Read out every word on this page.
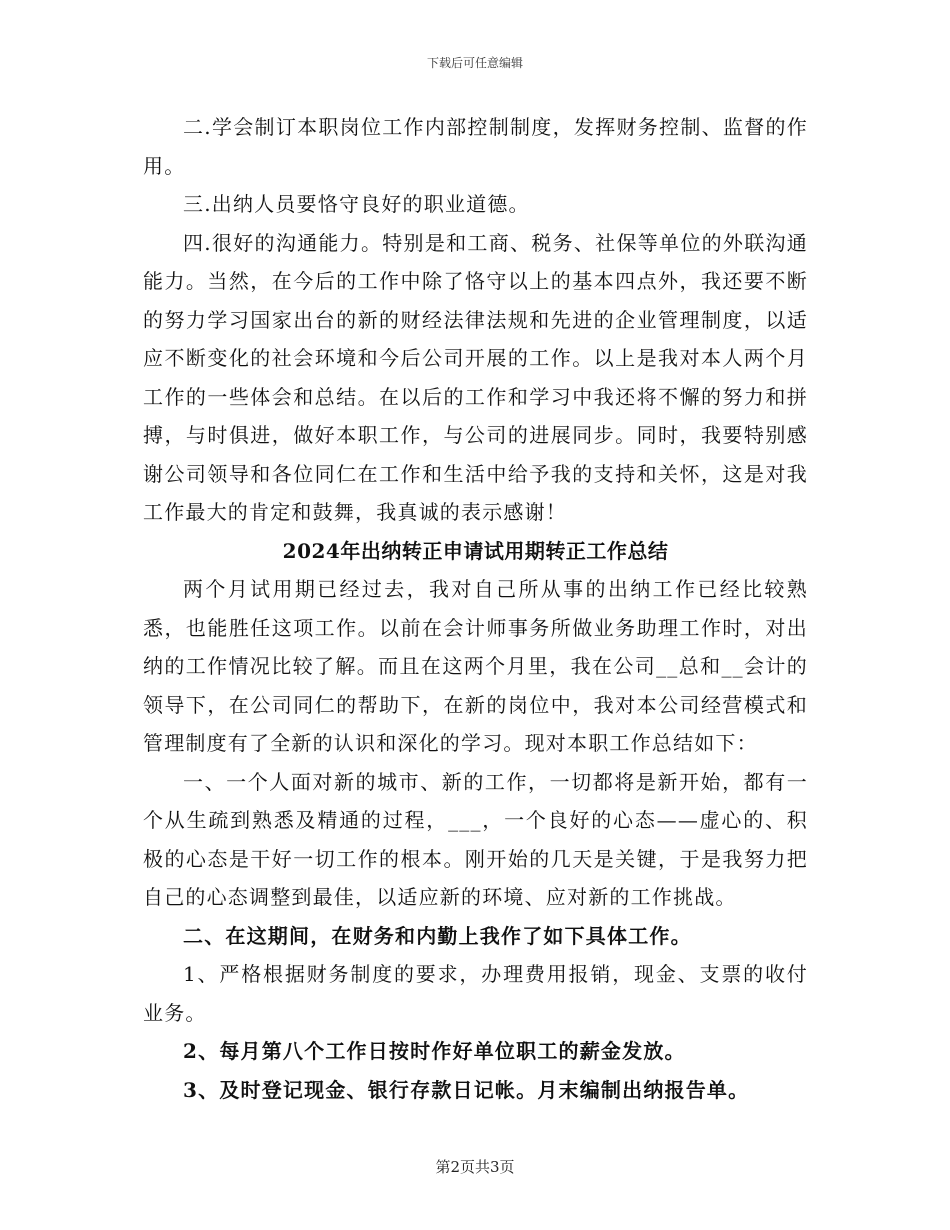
下载后可任意编辑

二.学会制订本职岗位工作内部控制制度，发挥财务控制、监督的作用。

三.出纳人员要恪守良好的职业道德。

四.很好的沟通能力。特别是和工商、税务、社保等单位的外联沟通能力。当然，在今后的工作中除了恪守以上的基本四点外，我还要不断的努力学习国家出台的新的财经法律法规和先进的企业管理制度，以适应不断变化的社会环境和今后公司开展的工作。以上是我对本人两个月工作的一些体会和总结。在以后的工作和学习中我还将不懈的努力和拼搏，与时俱进，做好本职工作，与公司的进展同步。同时，我要特别感谢公司领导和各位同仁在工作和生活中给予我的支持和关怀，这是对我工作最大的肯定和鼓舞，我真诚的表示感谢！

2024年出纳转正申请试用期转正工作总结

两个月试用期已经过去，我对自己所从事的出纳工作已经比较熟悉，也能胜任这项工作。以前在会计师事务所做业务助理工作时，对出纳的工作情况比较了解。而且在这两个月里，我在公司__总和__会计的领导下，在公司同仁的帮助下，在新的岗位中，我对本公司经营模式和管理制度有了全新的认识和深化的学习。现对本职工作总结如下：

一、一个人面对新的城市、新的工作，一切都将是新开始，都有一个从生疏到熟悉及精通的过程，___，一个良好的心态——虚心的、积极的心态是干好一切工作的根本。刚开始的几天是关键，于是我努力把自己的心态调整到最佳，以适应新的环境、应对新的工作挑战。

二、在这期间，在财务和内勤上我作了如下具体工作。

1、严格根据财务制度的要求，办理费用报销，现金、支票的收付业务。

2、每月第八个工作日按时作好单位职工的薪金发放。

3、及时登记现金、银行存款日记帐。月末编制出纳报告单。

第2页共3页
